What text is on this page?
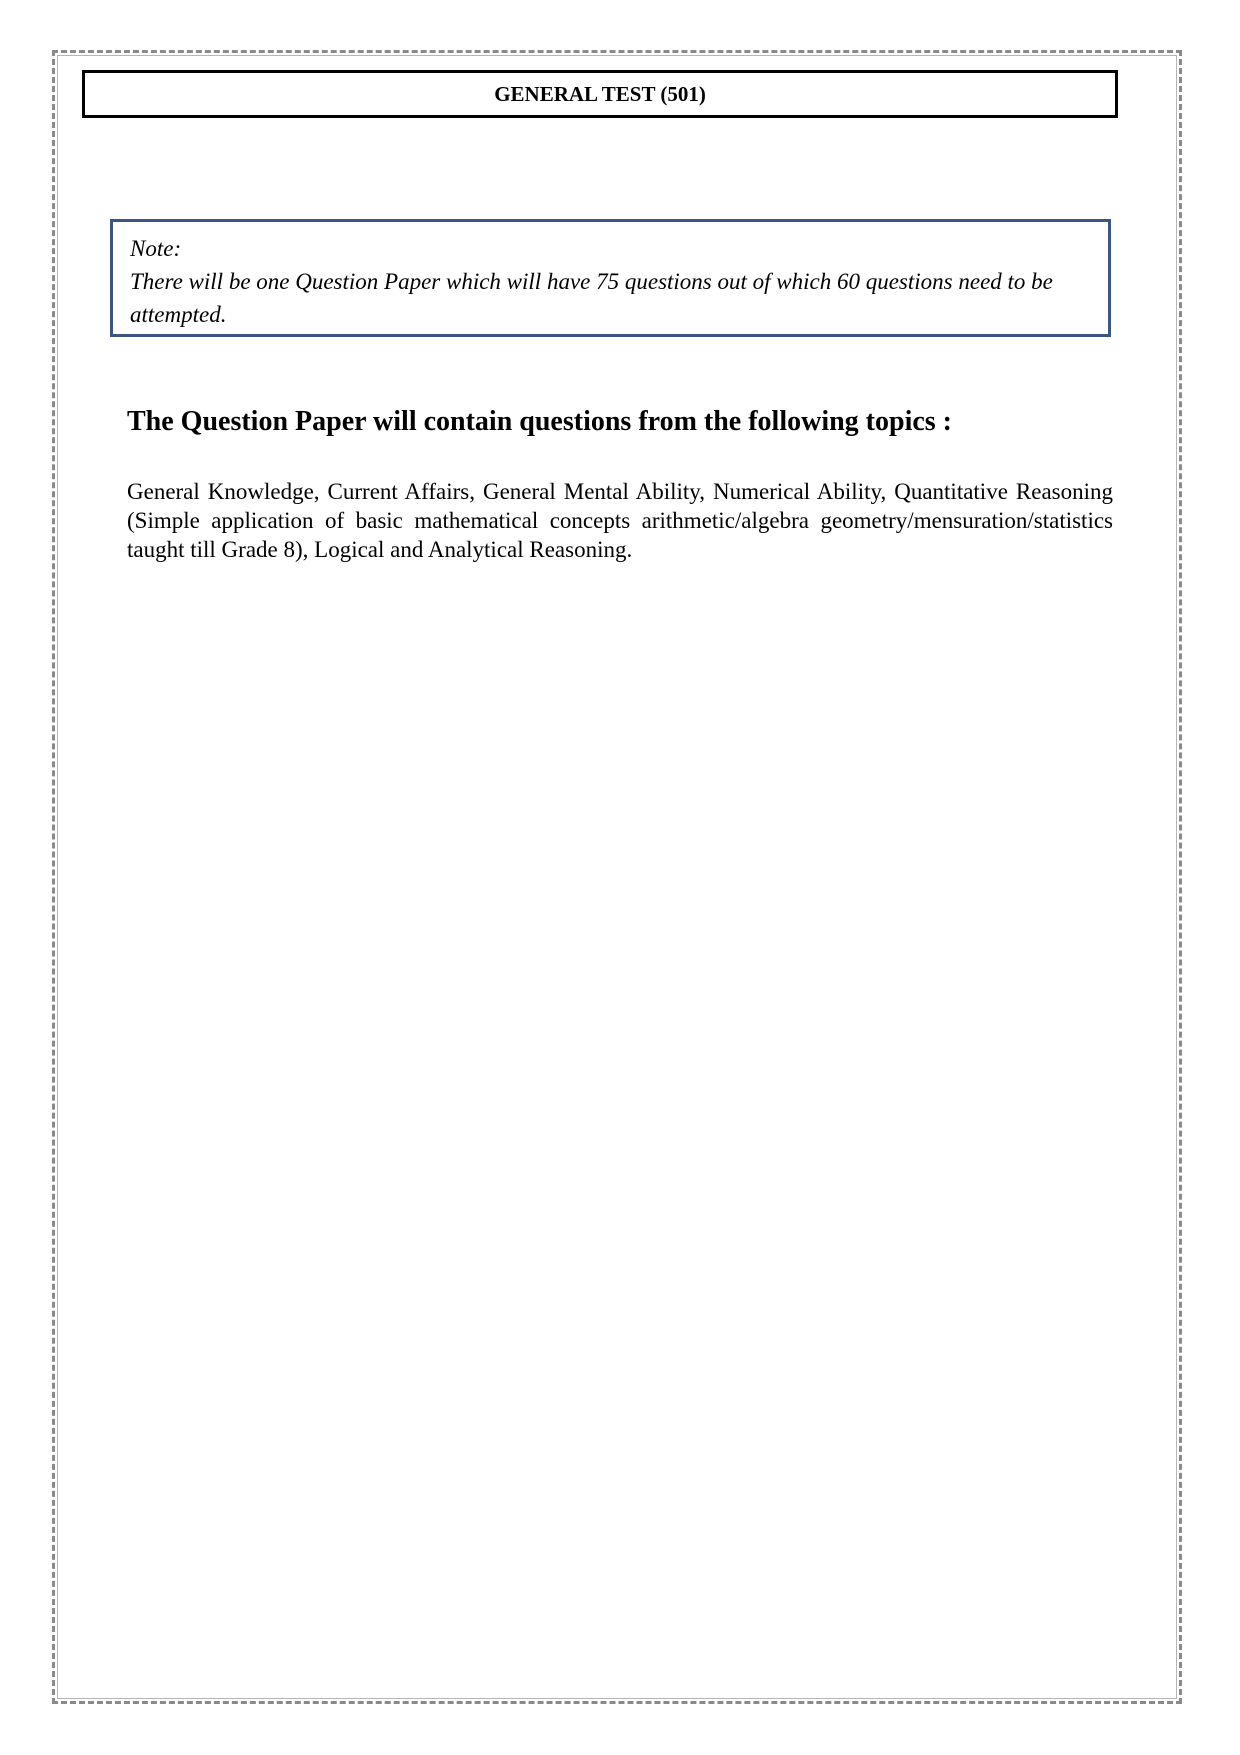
GENERAL TEST (501)
Note:
There will be one Question Paper which will have 75 questions out of which 60 questions need to be attempted.
The Question Paper will contain questions from the following topics :

General Knowledge, Current Affairs, General Mental Ability, Numerical Ability, Quantitative Reasoning (Simple application of basic mathematical concepts arithmetic/algebra geometry/mensuration/statistics taught till Grade 8), Logical and Analytical Reasoning.
